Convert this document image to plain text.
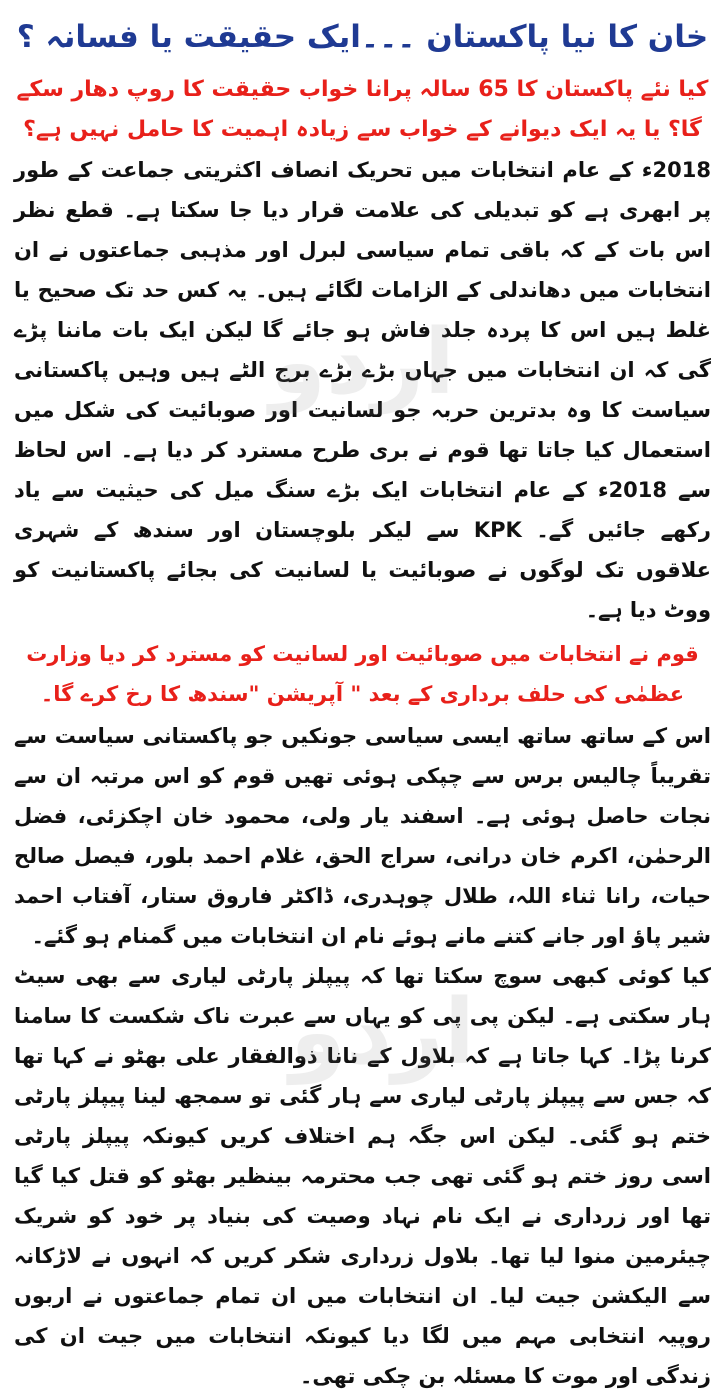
خان کا نیا پاکستان ۔۔۔ایک حقیقت یا فسانہ ؟
کیا نئے پاکستان کا 65 سالہ پرانا خواب حقیقت کا روپ دھار سکے گا؟ یا یہ ایک دیوانے کے خواب سے زیادہ اہمیت کا حامل نہیں ہے؟

2018ء کے عام انتخابات میں تحریک انصاف اکثریتی جماعت کے طور پر ابھری ہے کو تبدیلی کی علامت قرار دیا جا سکتا ہے۔ قطع نظر اس بات کے کہ باقی تمام سیاسی لبرل اور مذہبی جماعتوں نے ان انتخابات میں دھاندلی کے الزامات لگائے ہیں۔ یہ کس حد تک صحیح یا غلط ہیں اس کا پردہ جلد فاش ہو جائے گا لیکن ایک بات ماننا پڑے گی کہ ان انتخابات میں جہاں بڑے بڑے برج الٹے ہیں وہیں پاکستانی سیاست کا وہ بدترین حربہ جو لسانیت اور صوبائیت کی شکل میں استعمال کیا جاتا تھا قوم نے بری طرح مسترد کر دیا ہے۔ اس لحاظ سے 2018ء کے عام انتخابات ایک بڑے سنگ میل کی حیثیت سے یاد رکھے جائیں گے۔ KPK سے لیکر بلوچستان اور سندھ کے شہری علاقوں تک لوگوں نے صوبائیت یا لسانیت کی بجائے پاکستانیت کو ووٹ دیا ہے۔

قوم نے انتخابات میں صوبائیت اور لسانیت کو مسترد کر دیا وزارت عظمٰی کی حلف برداری کے بعد " آپریشن "سندھ کا رخ کرے گا۔

اس کے ساتھ ساتھ ایسی سیاسی جونکیں جو پاکستانی سیاست سے تقریباً چالیس برس سے چپکی ہوئی تھیں قوم کو اس مرتبہ ان سے نجات حاصل ہوئی ہے۔ اسفند یار ولی، محمود خان اچکزئی، فضل الرحمٰن، اکرم خان درانی، سراج الحق، غلام احمد بلور، فیصل صالح حیات، رانا ثناء اللہ، طلال چوہدری، ڈاکٹر فاروق ستار، آفتاب احمد شیر پاؤ اور جانے کتنے مانے ہوئے نام ان انتخابات میں گمنام ہو گئے۔

کیا کوئی کبھی سوچ سکتا تھا کہ پیپلز پارٹی لیاری سے بھی سیٹ ہار سکتی ہے۔ لیکن پی پی کو یہاں سے عبرت ناک شکست کا سامنا کرنا پڑا۔ کہا جاتا ہے کہ بلاول کے نانا ذوالفقار علی بھٹو نے کہا تھا کہ جس سے پیپلز پارٹی لیاری سے ہار گئی تو سمجھ لینا پیپلز پارٹی ختم ہو گئی۔ لیکن اس جگہ ہم اختلاف کریں کیونکہ پیپلز پارٹی اسی روز ختم ہو گئی تھی جب محترمہ بینظیر بھٹو کو قتل کیا گیا تھا اور زرداری نے ایک نام نہاد وصیت کی بنیاد پر خود کو شریک چیئرمین منوا لیا تھا۔ بلاول زرداری شکر کریں کہ انہوں نے لاڑکانہ سے الیکشن جیت لیا۔ ان انتخابات میں ان تمام جماعتوں نے اربوں روپیہ انتخابی مہم میں لگا دیا کیونکہ انتخابات میں جیت ان کی زندگی اور موت کا مسئلہ بن چکی تھی۔

اردو
اردو
